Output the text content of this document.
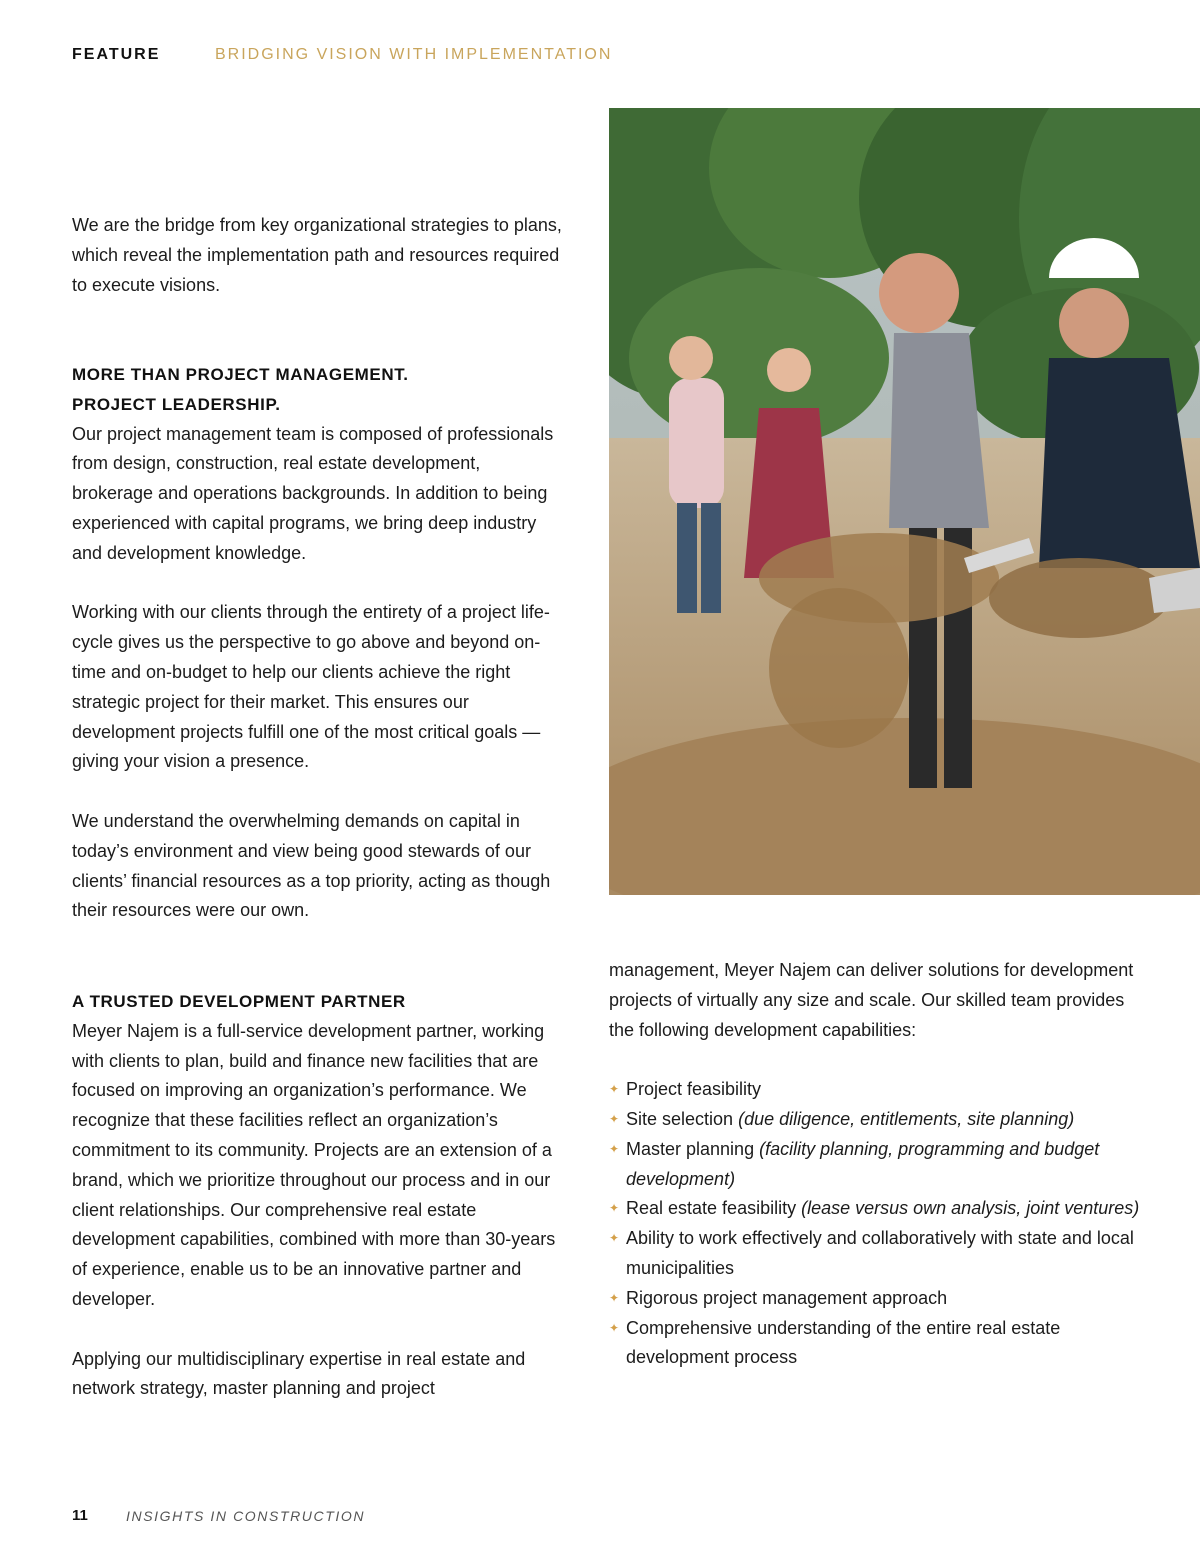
FEATURE	BRIDGING VISION WITH IMPLEMENTATION

We are the bridge from key organizational strategies to plans, which reveal the implementation path and resources required to execute visions.

MORE THAN PROJECT MANAGEMENT.

PROJECT LEADERSHIP.

Our project management team is composed of professionals from design, construction, real estate development, brokerage and operations backgrounds. In addition to being experienced with capital programs, we bring deep industry and development knowledge.

Working with our clients through the entirety of a project life-cycle gives us the perspective to go above and beyond on-time and on-budget to help our clients achieve the right strategic project for their market. This ensures our development projects fulfill one of the most critical goals — giving your vision a presence.

We understand the overwhelming demands on capital in today’s environment and view being good stewards of our clients’ financial resources as a top priority, acting as though their resources were our own.

A TRUSTED DEVELOPMENT PARTNER

Meyer Najem is a full-service development partner, working with clients to plan, build and finance new facilities that are focused on improving an organization’s performance. We recognize that these facilities reflect an organization’s commitment to its community. Projects are an extension of a brand, which we prioritize throughout our process and in our client relationships. Our comprehensive real estate development capabilities, combined with more than 30-years of experience, enable us to be an innovative partner and developer.

Applying our multidisciplinary expertise in real estate and network strategy, master planning and project

management, Meyer Najem can deliver solutions for development projects of virtually any size and scale. Our skilled team provides the following development capabilities:

✦ Project feasibility
✦ Site selection (due diligence, entitlements, site planning)
✦ Master planning (facility planning, programming and budget development)
✦ Real estate feasibility (lease versus own analysis, joint ventures)
✦ Ability to work effectively and collaboratively with state and local municipalities
✦ Rigorous project management approach
✦ Comprehensive understanding of the entire real estate development process
11	INSIGHTS IN CONSTRUCTION
